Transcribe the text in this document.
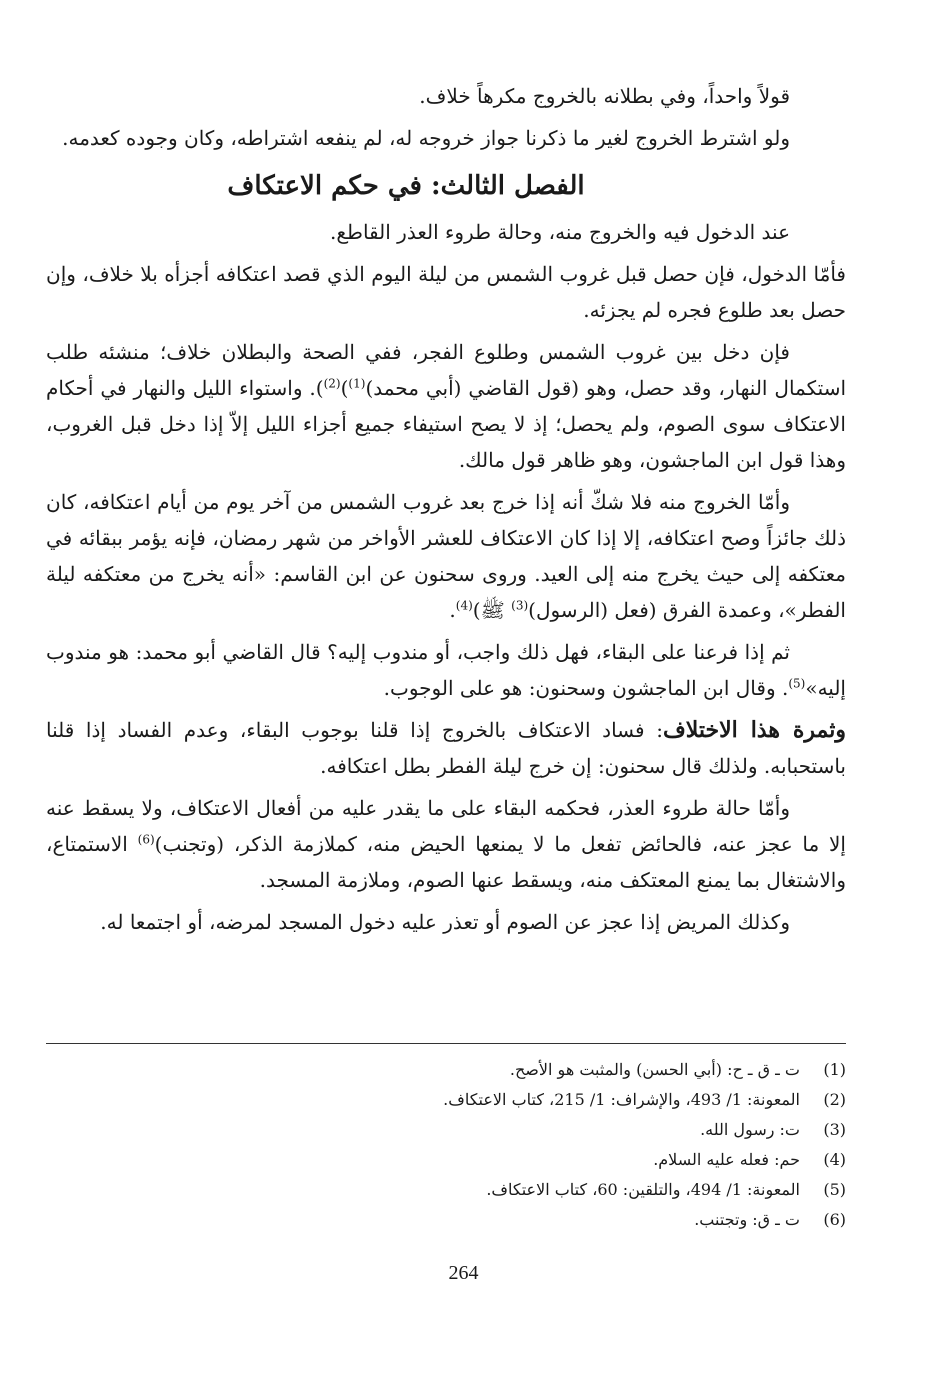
قولاً واحداً، وفي بطلانه بالخروج مكرهاً خلاف.

ولو اشترط الخروج لغير ما ذكرنا جواز خروجه له، لم ينفعه اشتراطه، وكان وجوده كعدمه.

الفصل الثالث: في حكم الاعتكاف

عند الدخول فيه والخروج منه، وحالة طروء العذر القاطع.

فأمّا الدخول، فإن حصل قبل غروب الشمس من ليلة اليوم الذي قصد اعتكافه أجزأه بلا خلاف، وإن حصل بعد طلوع فجره لم يجزئه.

فإن دخل بين غروب الشمس وطلوع الفجر، ففي الصحة والبطلان خلاف؛ منشئه طلب استكمال النهار، وقد حصل، وهو (قول القاضي (أبي محمد)$^{(1)}$)$^{(2)}$). واستواء الليل والنهار في أحكام الاعتكاف سوى الصوم، ولم يحصل؛ إذ لا يصح استيفاء جميع أجزاء الليل إلاّ إذا دخل قبل الغروب، وهذا قول ابن الماجشون، وهو ظاهر قول مالك.

وأمّا الخروج منه فلا شكّ أنه إذا خرج بعد غروب الشمس من آخر يوم من أيام اعتكافه، كان ذلك جائزاً وصح اعتكافه، إلا إذا كان الاعتكاف للعشر الأواخر من شهر رمضان، فإنه يؤمر ببقائه في معتكفه إلى حيث يخرج منه إلى العيد. وروى سحنون عن ابن القاسم: «أنه يخرج من معتكفه ليلة الفطر»، وعمدة الفرق (فعل (الرسول)$^{(3)}$ ﷺ)$^{(4)}$.

ثم إذا فرعنا على البقاء، فهل ذلك واجب، أو مندوب إليه؟ قال القاضي أبو محمد: هو مندوب إليه»$^{(5)}$. وقال ابن الماجشون وسحنون: هو على الوجوب.

وثمرة هذا الاختلاف: فساد الاعتكاف بالخروج إذا قلنا بوجوب البقاء، وعدم الفساد إذا قلنا باستحبابه. ولذلك قال سحنون: إن خرج ليلة الفطر بطل اعتكافه.

وأمّا حالة طروء العذر، فحكمه البقاء على ما يقدر عليه من أفعال الاعتكاف، ولا يسقط عنه إلا ما عجز عنه، فالحائض تفعل ما لا يمنعها الحيض منه، كملازمة الذكر، (وتجنب)$^{(6)}$ الاستمتاع، والاشتغال بما يمنع المعتكف منه، ويسقط عنها الصوم، وملازمة المسجد.

وكذلك المريض إذا عجز عن الصوم أو تعذر عليه دخول المسجد لمرضه، أو اجتمعا له.

(1)ت ـ ق ـ ح: (أبي الحسن) والمثبت هو الأصح.
(2)المعونة: 1/ 493، والإشراف: 1/ 215، كتاب الاعتكاف.
(3)ت: رسول الله.
(4)حم: فعله عليه السلام.
(5)المعونة: 1/ 494، والتلقين: 60، كتاب الاعتكاف.
(6)ت ـ ق: وتجتنب.
264
